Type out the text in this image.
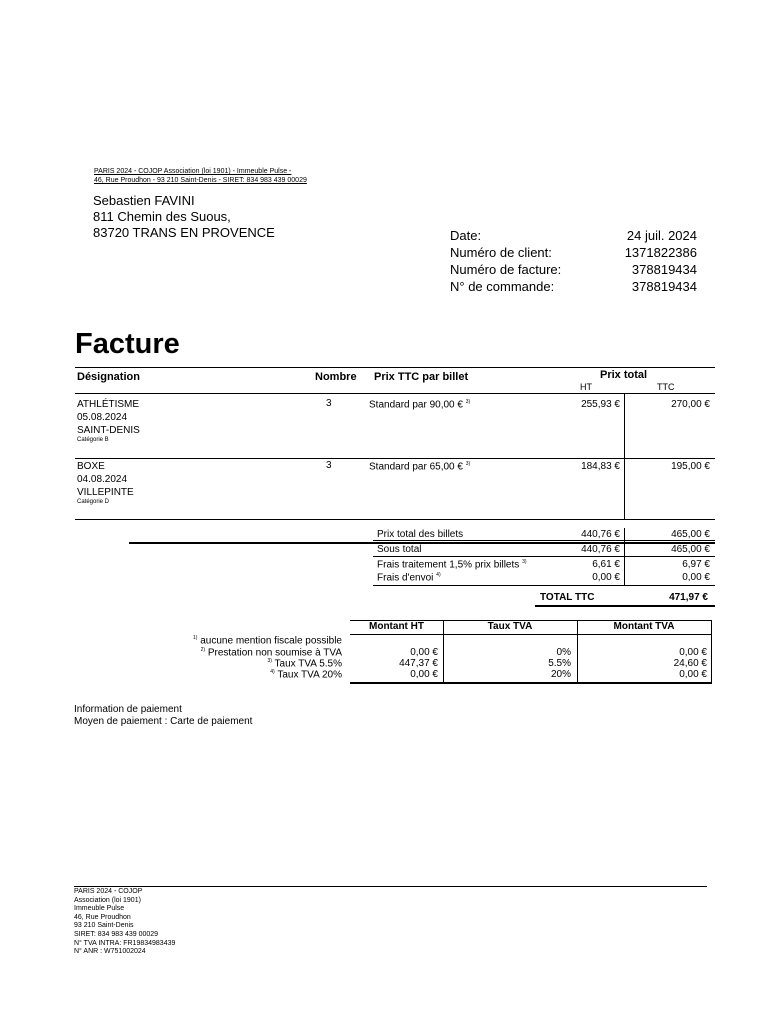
PARIS 2024 - COJOP Association (loi 1901) - Immeuble Pulse -
46, Rue Proudhon - 93 210 Saint-Denis - SIRET: 834 983 439 00029
Sebastien FAVINI
811 Chemin des Suous,
83720 TRANS EN PROVENCE	Date:	24 juil. 2024
Numéro de client:	1371822386
Numéro de facture:	378819434
N° de commande:	378819434
Facture
Désignation	Nombre Prix TTC par billet	Prix total
HT	TTC
ATHLÉTISME
05.08.2024
SAINT-DENIS
Catégorie B
3	Standard par 90,00 € $^{3)}$	255,93 €	270,00 €
BOXE
04.08.2024
VILLEPINTE
Catégorie D
3	Standard par 65,00 € $^{3)}$	184,83 €	195,00 €
Prix total des billets	440,76 €	465,00 €
Sous total	440,76 €	465,00 €
Frais traitement 1,5% prix billets $^{3)}$	6,61 €	6,97 €
Frais d'envoi $^{4)}$	0,00 €	0,00 €
TOTAL TTC	471,97 €
Montant HT	Taux TVA	Montant TVA
$^{1)}$ aucune mention fiscale possible
$^{2)}$ Prestation non soumise à TVA
$^{3)}$ Taux TVA 5.5%
$^{4)}$ Taux TVA 20%
0,00 €	0%	0,00 €
447,37 €	5.5%	24,60 €
0,00 €	20%	0,00 €
Information de paiement
Moyen de paiement : Carte de paiement
PARIS 2024 - COJOP
Association (loi 1901)
Immeuble Pulse
46, Rue Proudhon
93 210 Saint-Denis
SIRET: 834 983 439 00029
N° TVA INTRA: FR19834983439
N° ANR : W751002024
